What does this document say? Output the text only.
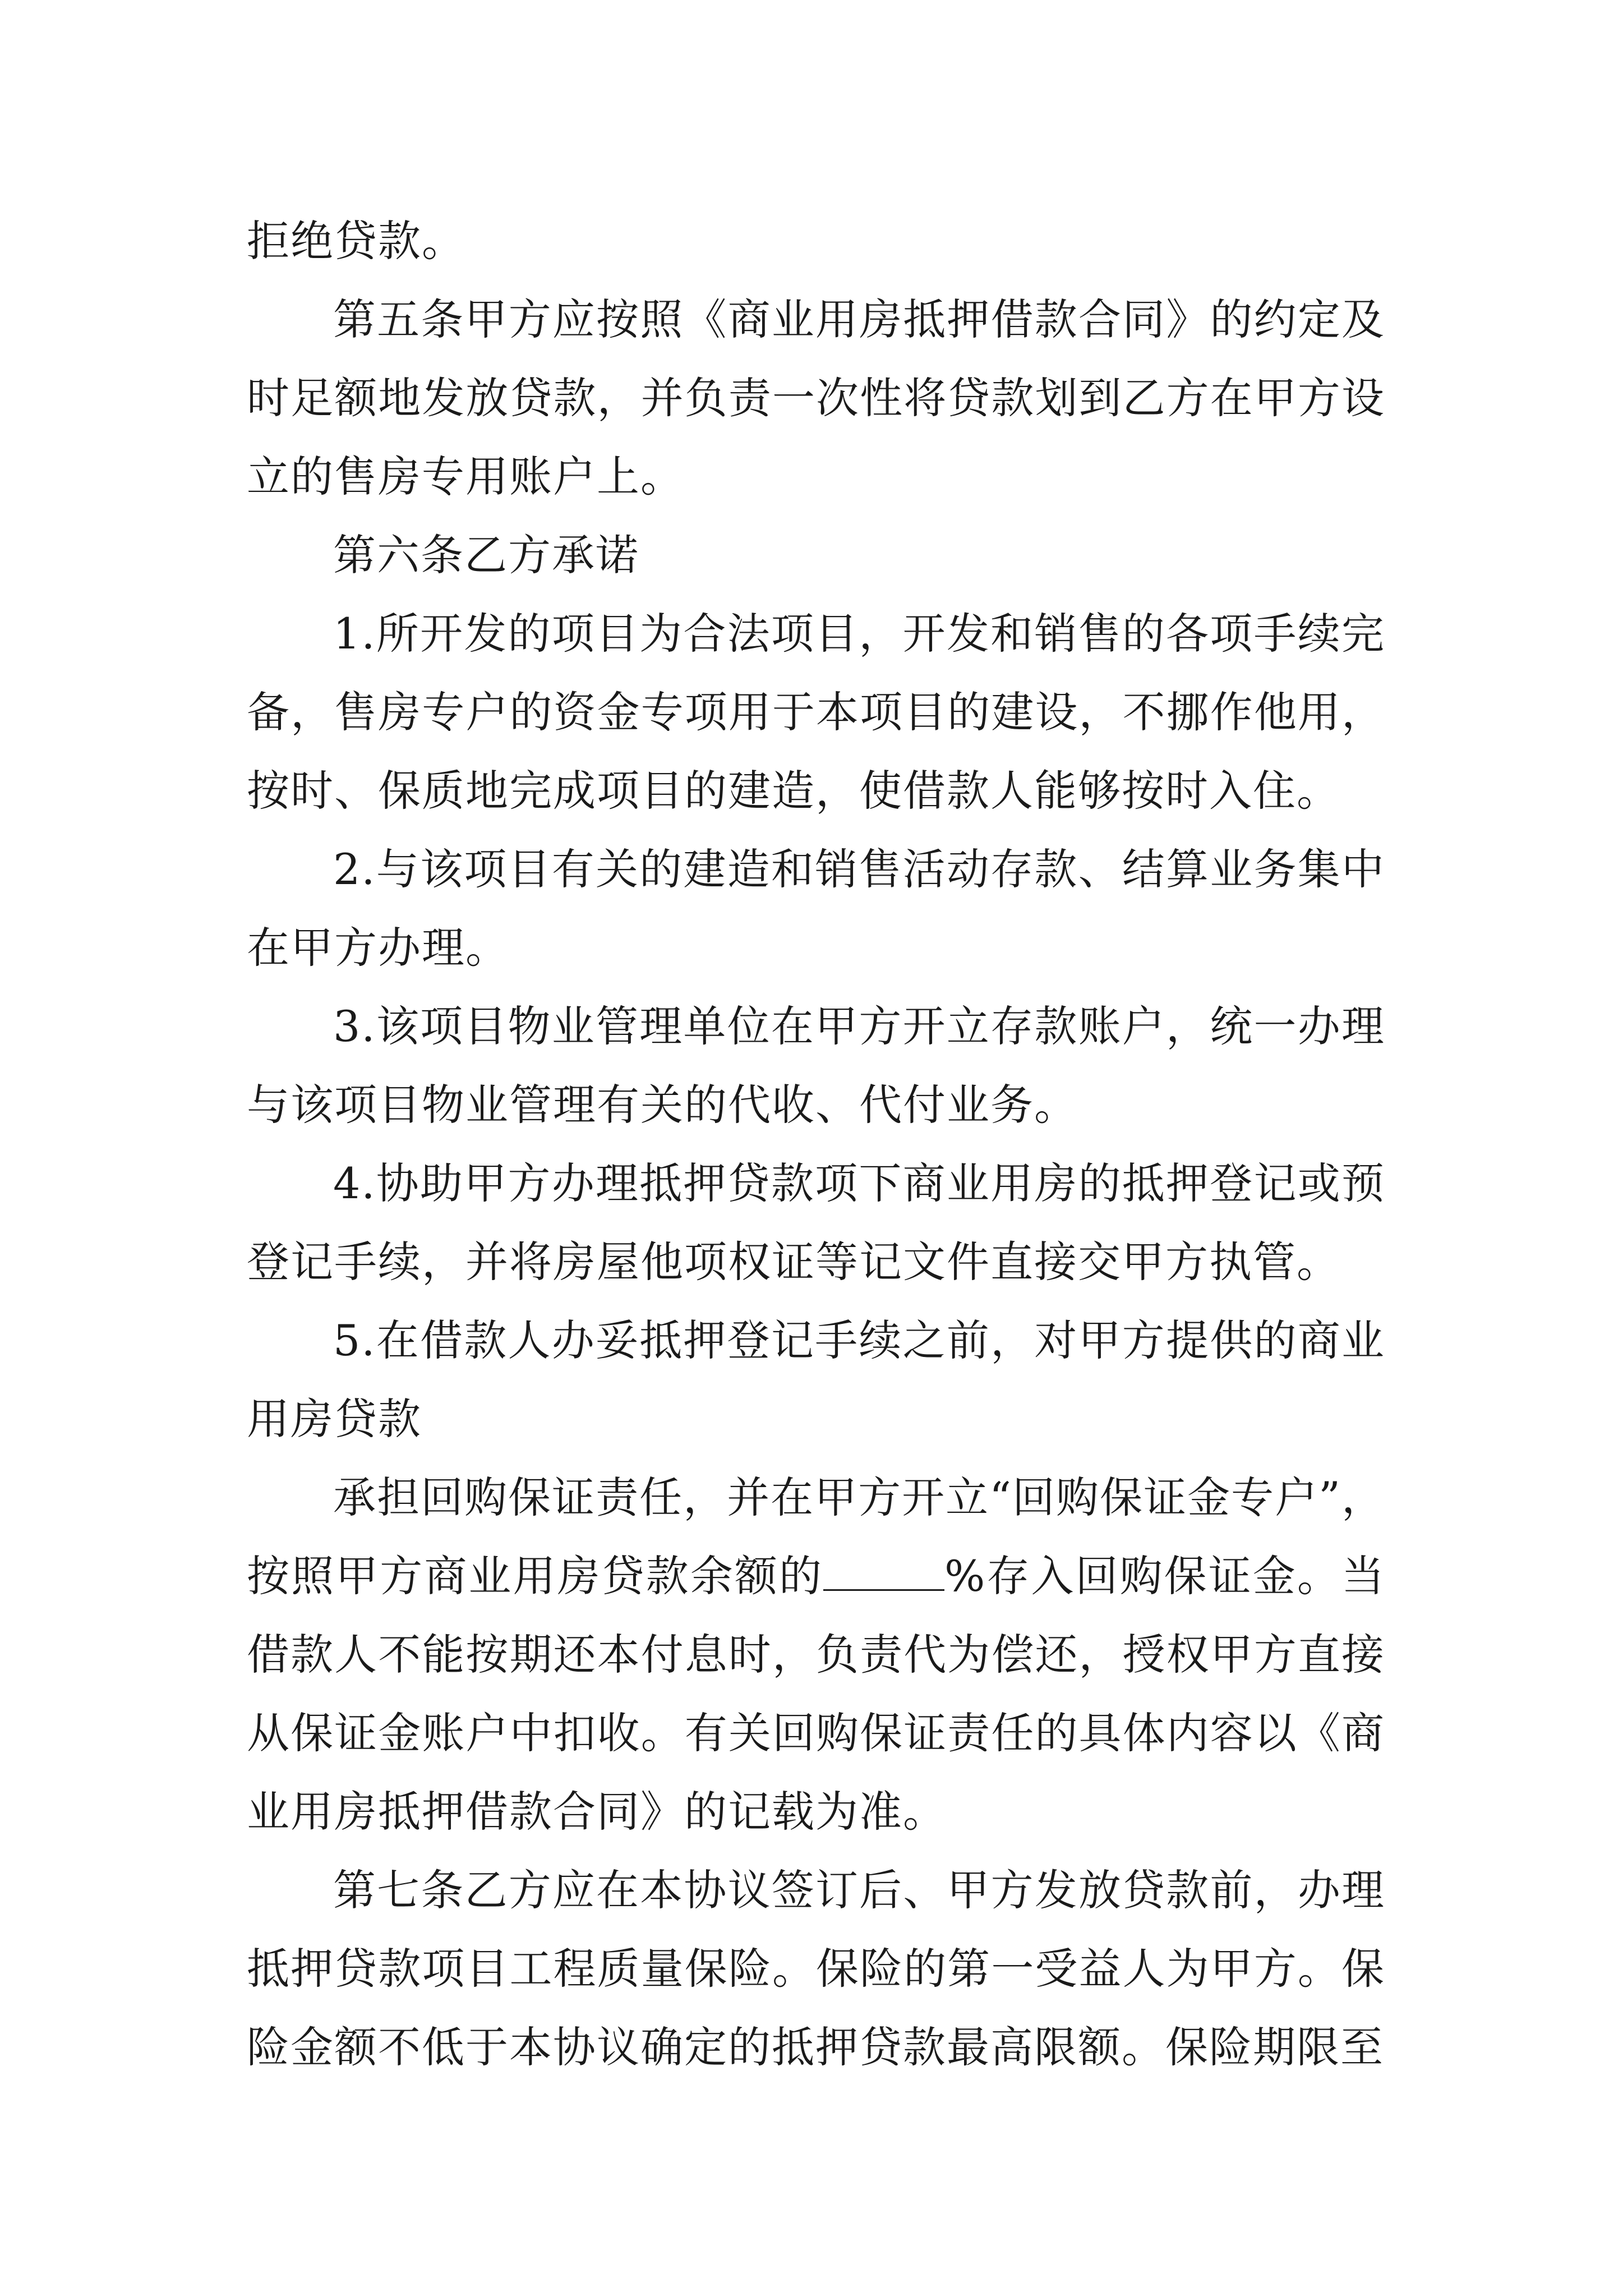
拒绝贷款。

第五条甲方应按照《商业用房抵押借款合同》的约定及时足额地发放贷款，并负责一次性将贷款划到乙方在甲方设立的售房专用账户上。

第六条乙方承诺

1.所开发的项目为合法项目，开发和销售的各项手续完备，售房专户的资金专项用于本项目的建设，不挪作他用，按时、保质地完成项目的建造，使借款人能够按时入住。

2.与该项目有关的建造和销售活动存款、结算业务集中在甲方办理。

3.该项目物业管理单位在甲方开立存款账户，统一办理与该项目物业管理有关的代收、代付业务。

4.协助甲方办理抵押贷款项下商业用房的抵押登记或预登记手续，并将房屋他项权证等记文件直接交甲方执管。

5.在借款人办妥抵押登记手续之前，对甲方提供的商业用房贷款

承担回购保证责任，并在甲方开立“回购保证金专户”，按照甲方商业用房贷款余额的	%存入回购保证金。当借款人不能按期还本付息时，负责代为偿还，授权甲方直接从保证金账户中扣收。有关回购保证责任的具体内容以《商业用房抵押借款合同》的记载为准。

第七条乙方应在本协议签订后、甲方发放贷款前，办理抵押贷款项目工程质量保险。保险的第一受益人为甲方。保险金额不低于本协议确定的抵押贷款最高限额。保险期限至
